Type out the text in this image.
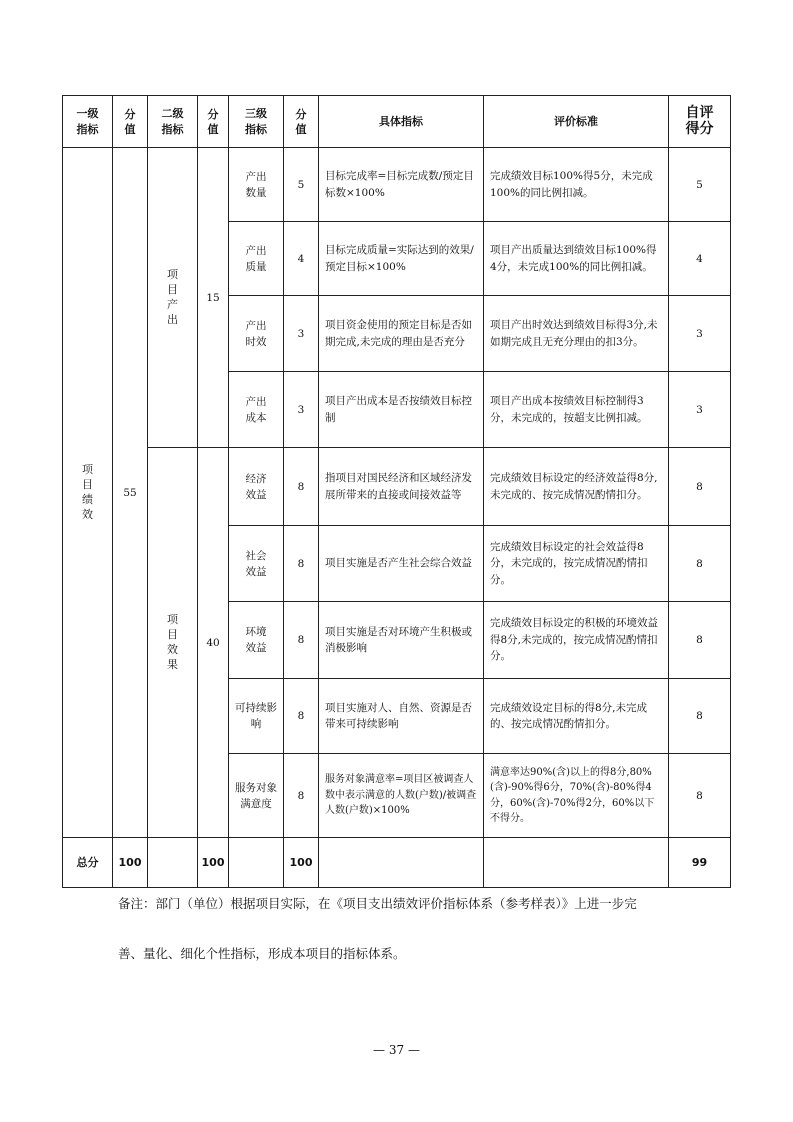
一级指标	分值	二级指标	分值	三级指标	分值	具体指标	评价标准	自评得分
项目绩效	55	项目产出	15	产出数量	5	目标完成率=目标完成数/预定目标数×100%	完成绩效目标100%得5分，未完成100%的同比例扣减。	5
				产出质量	4	目标完成质量=实际达到的效果/预定目标×100%	项目产出质量达到绩效目标100%得4分，未完成100%的同比例扣减。	4
				产出时效	3	项目资金使用的预定目标是否如期完成,未完成的理由是否充分	项目产出时效达到绩效目标得3分,未如期完成且无充分理由的扣3分。	3
				产出成本	3	项目产出成本是否按绩效目标控制	项目产出成本按绩效目标控制得3分，未完成的，按超支比例扣减。	3
		项目效果	40	经济效益	8	指项目对国民经济和区域经济发展所带来的直接或间接效益等	完成绩效目标设定的经济效益得8分,未完成的、按完成情况酌情扣分。	8
				社会效益	8	项目实施是否产生社会综合效益	完成绩效目标设定的社会效益得8分，未完成的，按完成情况酌情扣分。	8
				环境效益	8	项目实施是否对环境产生积极或消极影响	完成绩效目标设定的积极的环境效益得8分,未完成的，按完成情况酌情扣分。	8
				可持续影响	8	项目实施对人、自然、资源是否带来可持续影响	完成绩效设定目标的得8分,未完成的、按完成情况酌情扣分。	8
				服务对象满意度	8	服务对象满意率=项目区被调查人数中表示满意的人数(户数)/被调查人数(户数)×100%	满意率达90%(含)以上的得8分,80%(含)-90%得6分，70%(含)-80%得4分，60%(含)-70%得2分，60%以下不得分。	8
总分	100		100		100			99
备注：部门（单位）根据项目实际，在《项目支出绩效评价指标体系（参考样表）》上进一步完
善、量化、细化个性指标，形成本项目的指标体系。
— 37 —
